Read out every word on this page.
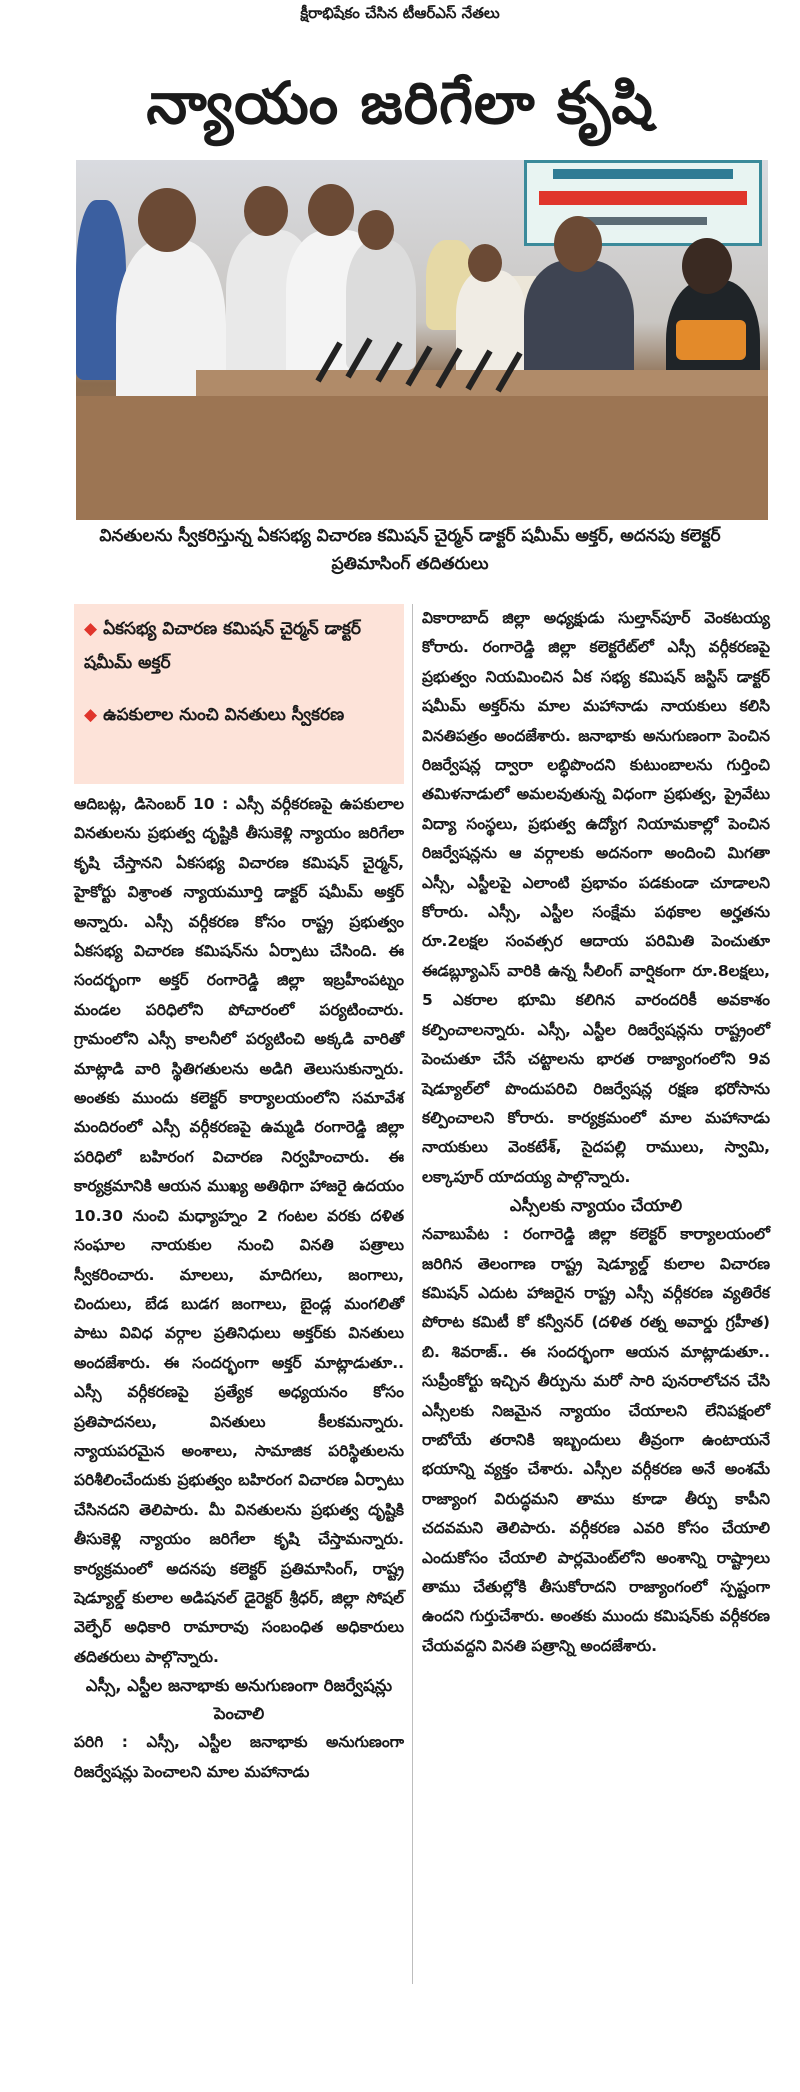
క్షీరాభిషేకం చేసిన టీఆర్ఎస్ నేతలు
న్యాయం జరిగేలా కృషి
వినతులను స్వీకరిస్తున్న ఏకసభ్య విచారణ కమిషన్ చైర్మన్ డాక్టర్ షమీమ్ అక్తర్, అదనపు కలెక్టర్ ప్రతిమాసింగ్ తదితరులు
◆ ఏకసభ్య విచారణ కమిషన్ చైర్మన్ డాక్టర్ షమీమ్ అక్తర్
◆ ఉపకులాల నుంచి వినతులు స్వీకరణ

ఆదిబట్ల, డిసెంబర్ 10 : ఎస్సీ వర్గీకరణపై ఉపకులాల వినతులను ప్రభుత్వ దృష్టికి తీసుకెళ్లి న్యాయం జరిగేలా కృషి చేస్తానని ఏకసభ్య విచారణ కమిషన్ చైర్మన్, హైకోర్టు విశ్రాంత న్యాయమూర్తి డాక్టర్ షమీమ్ అక్తర్ అన్నారు. ఎస్సీ వర్గీకరణ కోసం రాష్ట్ర ప్రభుత్వం ఏకసభ్య విచారణ కమిషన్‌ను ఏర్పాటు చేసింది. ఈ సందర్భంగా అక్తర్ రంగారెడ్డి జిల్లా ఇబ్రహీంపట్నం మండల పరిధిలోని పోచారంలో పర్యటించారు. గ్రామంలోని ఎస్సీ కాలనీలో పర్యటించి అక్కడి వారితో మాట్లాడి వారి స్థితిగతులను అడిగి తెలుసుకున్నారు. అంతకు ముందు కలెక్టర్ కార్యాలయంలోని సమావేశ మందిరంలో ఎస్సీ వర్గీకరణపై ఉమ్మడి రంగారెడ్డి జిల్లా పరిధిలో బహిరంగ విచారణ నిర్వహించారు. ఈ కార్యక్రమానికి ఆయన ముఖ్య అతిథిగా హాజరై ఉదయం 10.30 నుంచి మధ్యాహ్నం 2 గంటల వరకు దళిత సంఘాల నాయకుల నుంచి వినతి పత్రాలు స్వీకరించారు. మాలలు, మాదిగలు, జంగాలు, చిందులు, బేడ బుడగ జంగాలు, బైండ్ల మంగలితో పాటు వివిధ వర్గాల ప్రతినిధులు అక్తర్‌కు వినతులు అందజేశారు. ఈ సందర్భంగా అక్తర్ మాట్లాడుతూ.. ఎస్సీ వర్గీకరణపై ప్రత్యేక అధ్యయనం కోసం ప్రతిపాదనలు, వినతులు కీలకమన్నారు. న్యాయపరమైన అంశాలు, సామాజిక పరిస్థితులను పరిశీలించేందుకు ప్రభుత్వం బహిరంగ విచారణ ఏర్పాటు చేసినదని తెలిపారు. మీ వినతులను ప్రభుత్వ దృష్టికి తీసుకెళ్లి న్యాయం జరిగేలా కృషి చేస్తామన్నారు. కార్యక్రమంలో అదనపు కలెక్టర్ ప్రతిమాసింగ్, రాష్ట్ర షెడ్యూల్డ్ కులాల అడిషనల్ డైరెక్టర్ శ్రీధర్, జిల్లా సోషల్ వెల్ఫేర్ అధికారి రామారావు సంబంధిత అధికారులు తదితరులు పాల్గొన్నారు.

ఎస్సీ, ఎస్టీల జనాభాకు అనుగుణంగా రిజర్వేషన్లు పెంచాలి

పరిగి : ఎస్సీ, ఎస్టీల జనాభాకు అనుగుణంగా రిజర్వేషన్లు పెంచాలని మాల మహానాడు

వికారాబాద్ జిల్లా అధ్యక్షుడు సుల్తాన్‌పూర్ వెంకటయ్య కోరారు. రంగారెడ్డి జిల్లా కలెక్టరేట్‌లో ఎస్సీ వర్గీకరణపై ప్రభుత్వం నియమించిన ఏక సభ్య కమిషన్ జస్టిస్ డాక్టర్ షమీమ్ అక్తర్‌ను మాల మహానాడు నాయకులు కలిసి వినతిపత్రం అందజేశారు. జనాభాకు అనుగుణంగా పెంచిన రిజర్వేషన్ల ద్వారా లబ్ధిపొందని కుటుంబాలను గుర్తించి తమిళనాడులో అమలవుతున్న విధంగా ప్రభుత్వ, ప్రైవేటు విద్యా సంస్థలు, ప్రభుత్వ ఉద్యోగ నియామకాల్లో పెంచిన రిజర్వేషన్లను ఆ వర్గాలకు అదనంగా అందించి మిగతా ఎస్సీ, ఎస్టీలపై ఎలాంటి ప్రభావం పడకుండా చూడాలని కోరారు. ఎస్సీ, ఎస్టీల సంక్షేమ పథకాల అర్హతను రూ.2లక్షల సంవత్సర ఆదాయ పరిమితి పెంచుతూ ఈడబ్ల్యూఎస్ వారికి ఉన్న సీలింగ్ వార్షికంగా రూ.8లక్షలు, 5 ఎకరాల భూమి కలిగిన వారందరికీ అవకాశం కల్పించాలన్నారు. ఎస్సీ, ఎస్టీల రిజర్వేషన్లను రాష్ట్రంలో పెంచుతూ చేసే చట్టాలను భారత రాజ్యాంగంలోని 9వ షెడ్యూల్‌లో పొందుపరిచి రిజర్వేషన్ల రక్షణ భరోసాను కల్పించాలని కోరారు. కార్యక్రమంలో మాల మహానాడు నాయకులు వెంకటేశ్, సైదపల్లి రాములు, స్వామి, లక్కాపూర్ యాదయ్య పాల్గొన్నారు.

ఎస్సీలకు న్యాయం చేయాలి

నవాబుపేట : రంగారెడ్డి జిల్లా కలెక్టర్ కార్యాలయంలో జరిగిన తెలంగాణ రాష్ట్ర షెడ్యూల్డ్ కులాల విచారణ కమిషన్ ఎదుట హాజరైన రాష్ట్ర ఎస్సీ వర్గీకరణ వ్యతిరేక పోరాట కమిటీ కో కన్వీనర్ (దళిత రత్న అవార్డు గ్రహీత) బి. శివరాజ్.. ఈ సందర్భంగా ఆయన మాట్లాడుతూ.. సుప్రీంకోర్టు ఇచ్చిన తీర్పును మరో సారి పునరాలోచన చేసి ఎస్సీలకు నిజమైన న్యాయం చేయాలని లేనిపక్షంలో రాబోయే తరానికి ఇబ్బందులు తీవ్రంగా ఉంటాయనే భయాన్ని వ్యక్తం చేశారు. ఎస్సీల వర్గీకరణ అనే అంశమే రాజ్యాంగ విరుద్ధమని తాము కూడా తీర్పు కాపీని చదవమని తెలిపారు. వర్గీకరణ ఎవరి కోసం చేయాలి ఎందుకోసం చేయాలి పార్లమెంట్‌లోని అంశాన్ని రాష్ట్రాలు తాము చేతుల్లోకి తీసుకోరాదని రాజ్యాంగంలో స్పష్టంగా ఉందని గుర్తుచేశారు. అంతకు ముందు కమిషన్‌కు వర్గీకరణ చేయవద్దని వినతి పత్రాన్ని అందజేశారు.
